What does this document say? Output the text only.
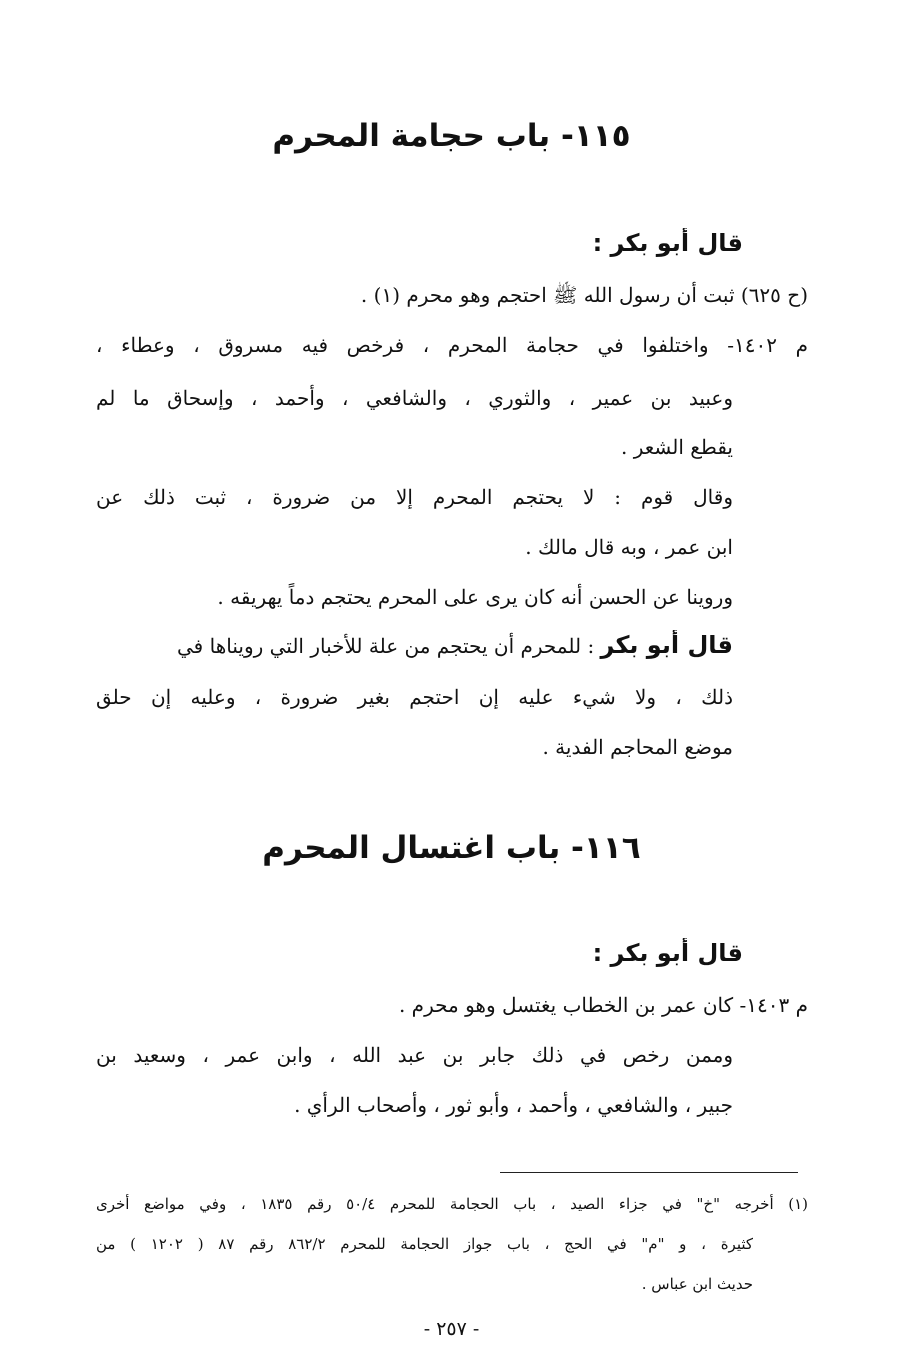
١١٥- باب حجامة المحرم
قال أبو بكر :
(ح ٦٢٥) ثبت أن رسول الله ﷺ احتجم وهو محرم (١) .
م ١٤٠٢- واختلفوا في حجامة المحرم ، فرخص فيه مسروق ، وعطاء ،
وعبيد بن عمير ، والثوري ، والشافعي ، وأحمد ، وإسحاق ما لم
يقطع الشعر .
وقال قوم : لا يحتجم المحرم إلا من ضرورة ، ثبت ذلك عن
ابن عمر ، وبه قال مالك .
وروينا عن الحسن أنه كان يرى على المحرم يحتجم دماً يهريقه .
قال أبو بكر : للمحرم أن يحتجم من علة للأخبار التي رويناها في
ذلك ، ولا شيء عليه إن احتجم بغير ضرورة ، وعليه إن حلق
موضع المحاجم الفدية .
١١٦- باب اغتسال المحرم
قال أبو بكر :
م ١٤٠٣- كان عمر بن الخطاب يغتسل وهو محرم .
وممن رخص في ذلك جابر بن عبد الله ، وابن عمر ، وسعيد بن
جبير ، والشافعي ، وأحمد ، وأبو ثور ، وأصحاب الرأي .
(١) أخرجه "خ" في جزاء الصيد ، باب الحجامة للمحرم ٥٠/٤ رقم ١٨٣٥ ، وفي مواضع أخرى
كثيرة ، و "م" في الحج ، باب جواز الحجامة للمحرم ٨٦٢/٢ رقم ٨٧ ( ١٢٠٢ ) من
حديث ابن عباس .
- ٢٥٧ -
